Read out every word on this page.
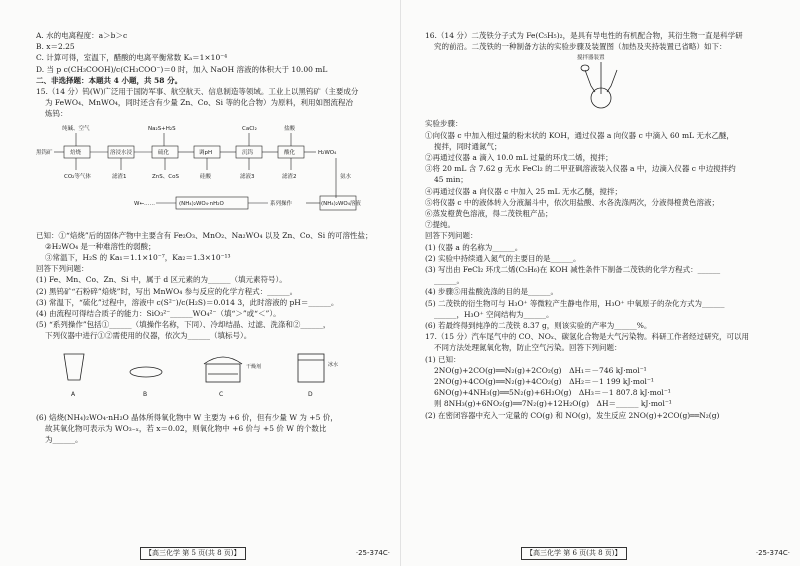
A. 水的电离程度：a＞b＞c
B. x＝2.25
C. 计算可得，室温下，醋酸的电离平衡常数 Kₐ＝1×10⁻⁴
D. 当 p c(CH₃COOH)/c(CH₃COO⁻)＝0 时，加入 NaOH 溶液的体积大于 10.00 mL
二、非选择题：本题共 4 小题，共 58 分。
15.（14 分）钨(W)广泛用于国防军事、航空航天、信息制造等领域。工业上以黑钨矿（主要成分
为 FeWO₄、MnWO₄，同时还含有少量 Zn、Co、Si 等的化合物）为原料，利用如图流程冶
炼钨：
黑钨矿	焙烧	溶浸水浸	硫化	调pH	沉钨	酸化	H₂WO₄
纯碱、空气	Na₂S+H₂S	CaCl₂	盐酸
CO₂等气体	滤渣1	ZnS、CoS	硅酸	滤液3	滤渣2	氨水
(NH₄)₂WO₄溶液
系列操作
(NH₄)₂WO₄·nH₂O
W←……
已知：①“焙烧”后的固体产物中主要含有 Fe₂O₃、MnO₂、Na₂WO₄ 以及 Zn、Co、Si 的可溶性盐；
②H₂WO₄ 是一种难溶性的弱酸；
③常温下，H₂S 的 Ka₁＝1.1×10⁻⁷，Ka₂＝1.3×10⁻¹³
回答下列问题：
(1) Fe、Mn、Co、Zn、Si 中，属于 d 区元素的为______（填元素符号）。
(2) 黑钨矿“石粉碎”焙烧”时，写出 MnWO₄ 参与反应的化学方程式：______。
(3) 常温下，“硫化”过程中，溶液中 c(S²⁻)/c(H₂S)＝0.014 3，此时溶液的 pH＝______。
(4) 由流程可得结合质子的能力：SiO₃²⁻______WO₄²⁻（填“＞”或“＜”）。
(5) “系列操作”包括①______（填操作名称，下同）、冷却结晶、过滤、洗涤和②______，
下列仪器中进行①②需使用的仪器，依次为______（填标号）。
A	B
干燥剂
C
冰水
D
(6) 焙烧(NH₄)₂WO₄·nH₂O 晶体所得氧化物中 W 主要为 +6 价，但有少量 W 为 +5 价，
故其氧化物可表示为 WO₃₋ₓ，若 x＝0.02，则氧化物中 +6 价与 +5 价 W 的个数比
为______。
【高三化学 第 5 页(共 8 页)】	·25-374C·
16.（14 分）二茂铁分子式为 Fe(C₅H₅)₂，是具有导电性的有机配合物，其衍生物一直是科学研
究的前沿。二茂铁的一种制备方法的实验步骤及装置图（加热及夹持装置已省略）如下：
搅拌器装置
实验步骤：
①向仪器 c 中加入相过量的粉末状的 KOH，通过仪器 a 向仪器 c 中滴入 60 mL 无水乙醚，
搅拌，同时通氮气；
②再通过仪器 a 滴入 10.0 mL 过量的环戊二烯，搅拌；
③将 20 mL 含 7.62 g 无水 FeCl₂ 的二甲亚砜溶液装入仪器 a 中，边滴入仪器 c 中边搅拌约
45 min；
④再通过仪器 a 向仪器 c 中加入 25 mL 无水乙醚，搅拌；
⑤将仪器 c 中的液体转入分液漏斗中，依次用盐酸、水各洗涤两次，分液得橙黄色溶液；
⑥蒸发橙黄色溶液，得二茂铁粗产品；
⑦提纯。
回答下列问题：
(1) 仪器 a 的名称为______。
(2) 实验中持续通入氮气的主要目的是______。
(3) 写出由 FeCl₂ 环戊二烯(C₅H₆)在 KOH 减性条件下制备二茂铁的化学方程式：______
______。
(4) 步骤⑤用盐酸洗涤的目的是______。
(5) 二茂铁的衍生物可与 H₃O⁺ 等微粒产生静电作用，H₃O⁺ 中氧原子的杂化方式为______
______，H₃O⁺ 空间结构为______。
(6) 若最终得到纯净的二茂铁 8.37 g，则该实验的产率为______%。
17.（15 分）汽车尾气中的 CO、NOₓ、碳氢化合物是大气污染物。科研工作者经过研究，可以用
不同方法处理氮氧化物，防止空气污染。回答下列问题：
(1) 已知：
2NO(g)+2CO(g)══N₂(g)+2CO₂(g)　ΔH₁＝－746 kJ·mol⁻¹
2NO(g)+4CO(g)══N₂(g)+4CO₂(g)　ΔH₂＝－1 199 kJ·mol⁻¹
6NO(g)+4NH₃(g)══5N₂(g)+6H₂O(g)　ΔH₃＝－1 807.8 kJ·mol⁻¹
则 8NH₃(g)+6NO₂(g)══7N₂(g)+12H₂O(g)　ΔH＝______ kJ·mol⁻¹
(2) 在密闭容器中充入一定量的 CO(g) 和 NO(g)，发生反应 2NO(g)+2CO(g)══N₂(g)
【高三化学 第 6 页(共 8 页)】	·25-374C·
